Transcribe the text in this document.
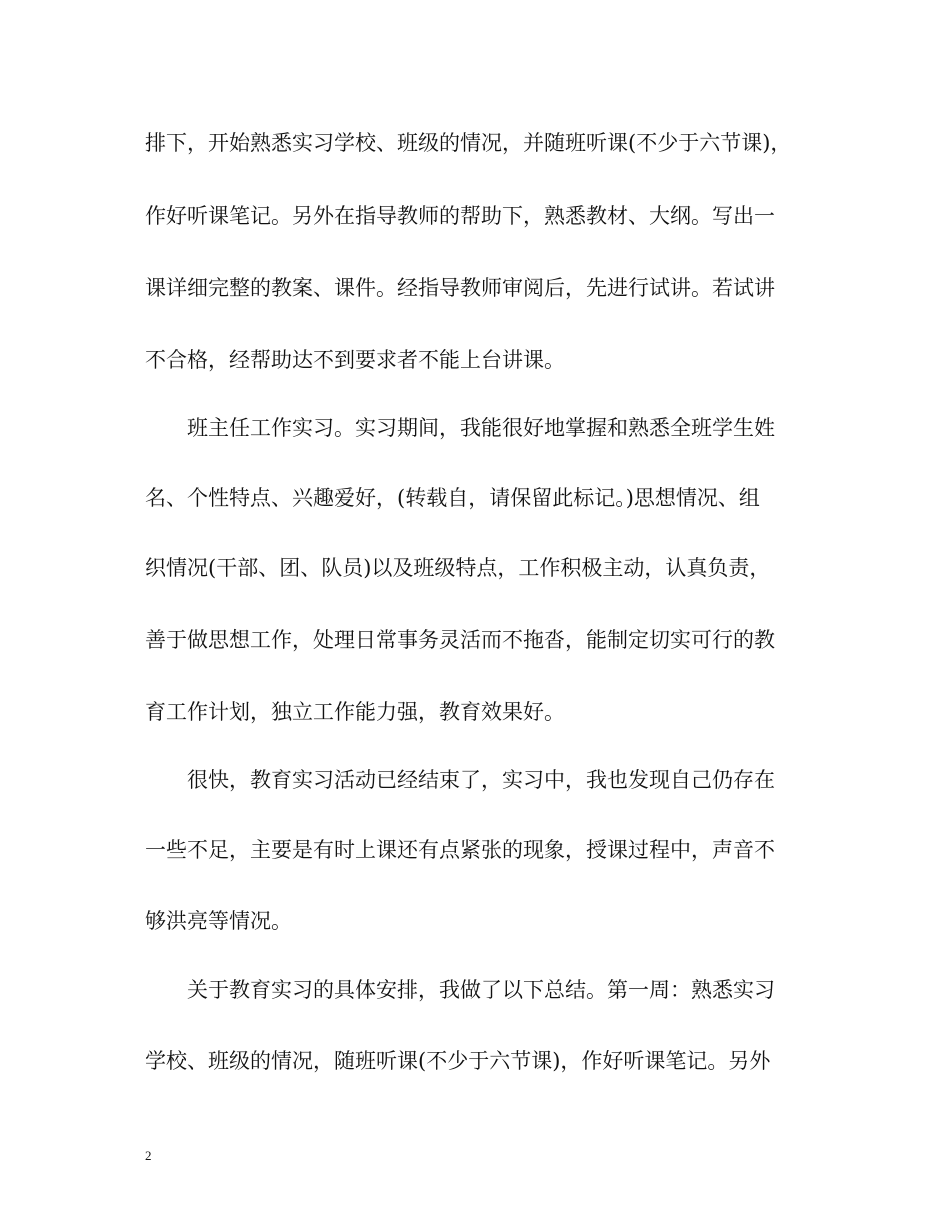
排下，开始熟悉实习学校、班级的情况，并随班听课(不少于六节课)，
作好听课笔记。另外在指导教师的帮助下，熟悉教材、大纲。写出一
课详细完整的教案、课件。经指导教师审阅后，先进行试讲。若试讲
不合格，经帮助达不到要求者不能上台讲课。
班主任工作实习。实习期间，我能很好地掌握和熟悉全班学生姓
名、个性特点、兴趣爱好，(转载自，请保留此标记。)思想情况、组
织情况(干部、团、队员)以及班级特点，工作积极主动，认真负责，
善于做思想工作，处理日常事务灵活而不拖沓，能制定切实可行的教
育工作计划，独立工作能力强，教育效果好。
很快，教育实习活动已经结束了，实习中，我也发现自己仍存在
一些不足，主要是有时上课还有点紧张的现象，授课过程中，声音不
够洪亮等情况。
关于教育实习的具体安排，我做了以下总结。第一周：熟悉实习
学校、班级的情况，随班听课(不少于六节课)，作好听课笔记。另外
2
